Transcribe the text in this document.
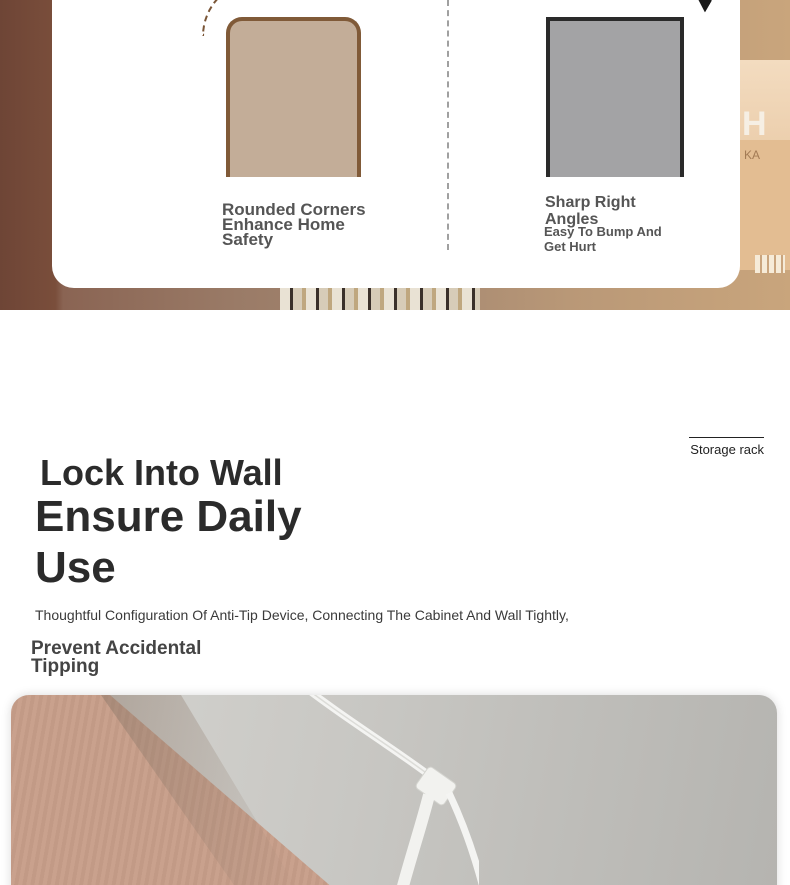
H
KA
Rounded Corners Enhance Home Safety
Sharp Right Angles
Easy To Bump And Get Hurt
Storage rack
Lock Into Wall
Ensure Daily Use

Thoughtful Configuration Of Anti-Tip Device, Connecting The Cabinet And Wall Tightly,

Prevent Accidental Tipping
